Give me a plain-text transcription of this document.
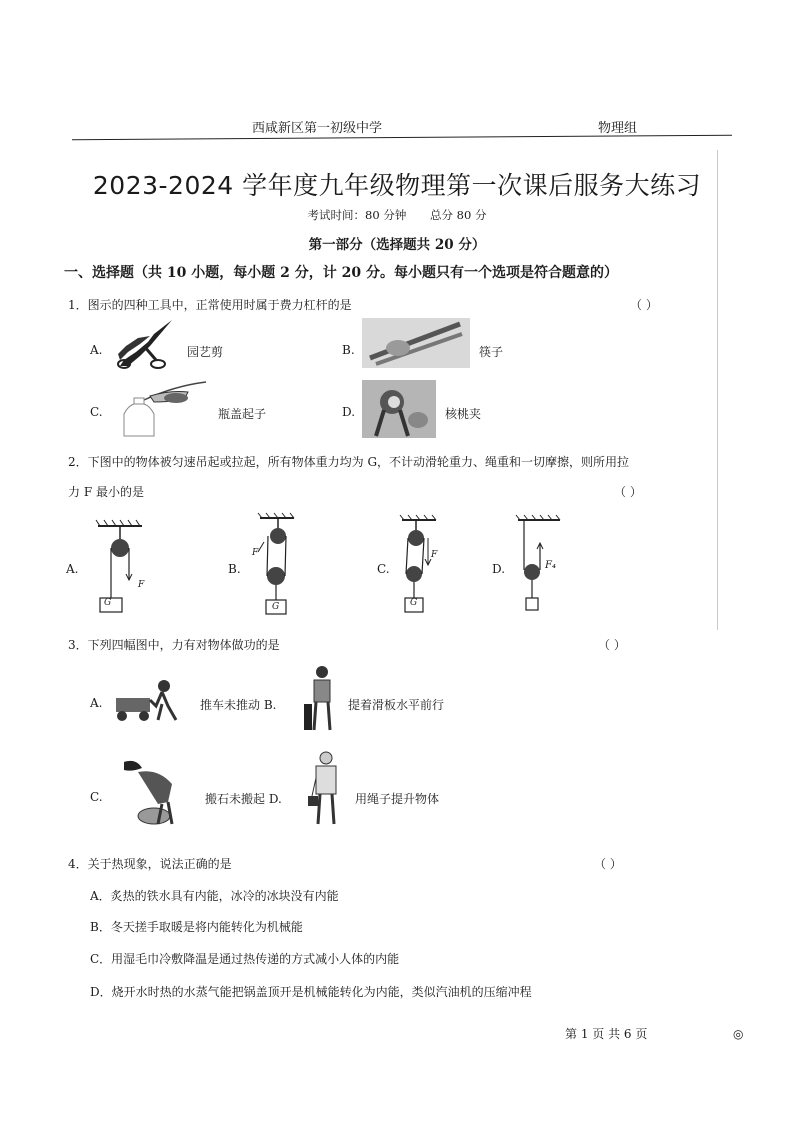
西咸新区第一初级中学	物理组
2023-2024 学年度九年级物理第一次课后服务大练习
考试时间：80 分钟 总分 80 分
第一部分（选择题共 20 分）
一、选择题（共 10 小题，每小题 2 分，计 20 分。每小题只有一个选项是符合题意的）
1．图示的四种工具中，正常使用时属于费力杠杆的是	（ ）
A.	园艺剪	B.	筷子
C.	瓶盖起子	D.	核桃夹
2．下图中的物体被匀速吊起或拉起，所有物体重力均为 G，不计动滑轮重力、绳重和一切摩擦，则所用拉
力 F 最小的是	（ ）
A.
F
G
B.
F
G
C.
F
G
D.	F₄
3．下列四幅图中，力有对物体做功的是	（ ）
A.	推车未推动 B.	提着滑板水平前行
C.	搬石未搬起 D.	用绳子提升物体
4．关于热现象，说法正确的是	（ ）
A．炙热的铁水具有内能，冰冷的冰块没有内能
B．冬天搓手取暖是将内能转化为机械能
C．用湿毛巾冷敷降温是通过热传递的方式减小人体的内能
D．烧开水时热的水蒸气能把锅盖顶开是机械能转化为内能，类似汽油机的压缩冲程
第 1 页 共 6 页	◎
